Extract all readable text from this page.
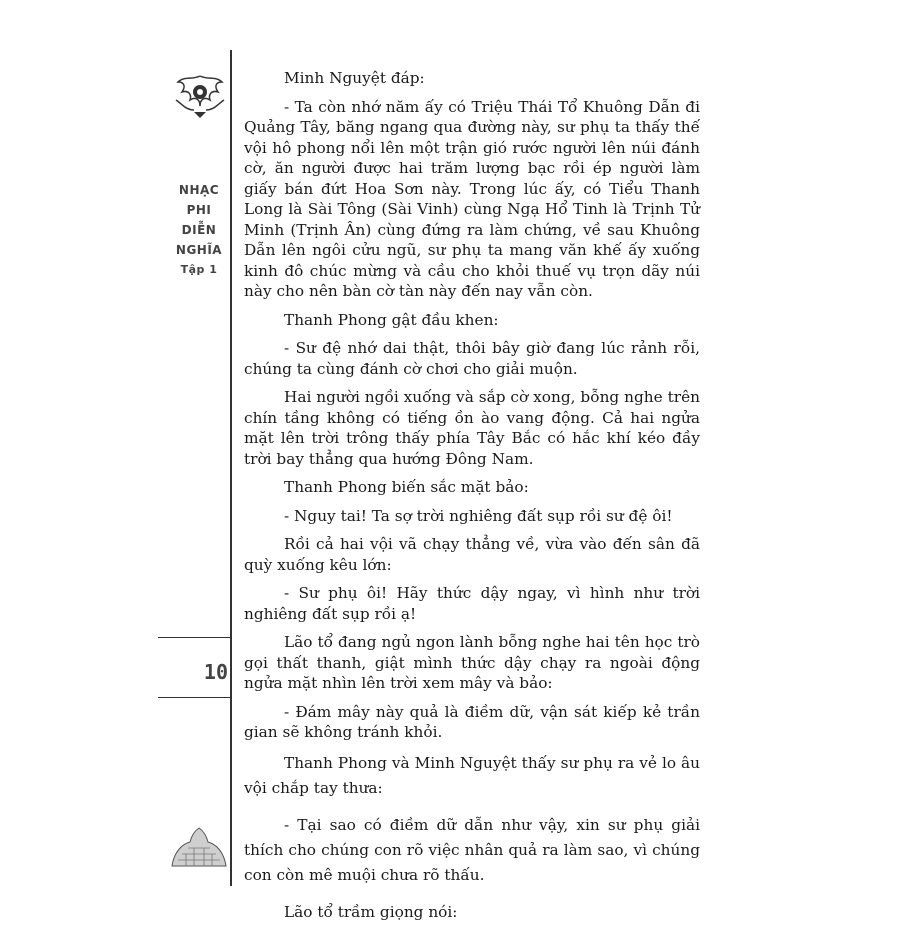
NHẠC
PHI
DIỄN
NGHĨA
Tập 1
10

Minh Nguyệt đáp:

- Ta còn nhớ năm ấy có Triệu Thái Tổ Khuông Dẫn đi Quảng Tây, băng ngang qua đường này, sư phụ ta thấy thế vội hô phong nổi lên một trận gió rước người lên núi đánh cờ, ăn người được hai trăm lượng bạc rồi ép người làm giấy bán đứt Hoa Sơn này. Trong lúc ấy, có Tiểu Thanh Long là Sài Tông (Sài Vinh) cùng Ngạ Hổ Tinh là Trịnh Tử Minh (Trịnh Ân) cùng đứng ra làm chứng, về sau Khuông Dẫn lên ngôi cửu ngũ, sư phụ ta mang văn khế ấy xuống kinh đô chúc mừng và cầu cho khỏi thuế vụ trọn dãy núi này cho nên bàn cờ tàn này đến nay vẫn còn.

Thanh Phong gật đầu khen:

- Sư đệ nhớ dai thật, thôi bây giờ đang lúc rảnh rỗi, chúng ta cùng đánh cờ chơi cho giải muộn.

Hai người ngồi xuống và sắp cờ xong, bỗng nghe trên chín tầng không có tiếng ồn ào vang động. Cả hai ngửa mặt lên trời trông thấy phía Tây Bắc có hắc khí kéo đầy trời bay thẳng qua hướng Đông Nam.

Thanh Phong biến sắc mặt bảo:

- Nguy tai! Ta sợ trời nghiêng đất sụp rồi sư đệ ôi!

Rồi cả hai vội vã chạy thẳng về, vừa vào đến sân đã quỳ xuống kêu lớn:

- Sư phụ ôi! Hãy thức dậy ngay, vì hình như trời nghiêng đất sụp rồi ạ!

Lão tổ đang ngủ ngon lành bỗng nghe hai tên học trò gọi thất thanh, giật mình thức dậy chạy ra ngoài động ngửa mặt nhìn lên trời xem mây và bảo:

- Đám mây này quả là điềm dữ, vận sát kiếp kẻ trần gian sẽ không tránh khỏi.

Thanh Phong và Minh Nguyệt thấy sư phụ ra vẻ lo âu vội chắp tay thưa:

- Tại sao có điềm dữ dẫn như vậy, xin sư phụ giải thích cho chúng con rõ việc nhân quả ra làm sao, vì chúng con còn mê muội chưa rõ thấu.

Lão tổ trầm giọng nói:
